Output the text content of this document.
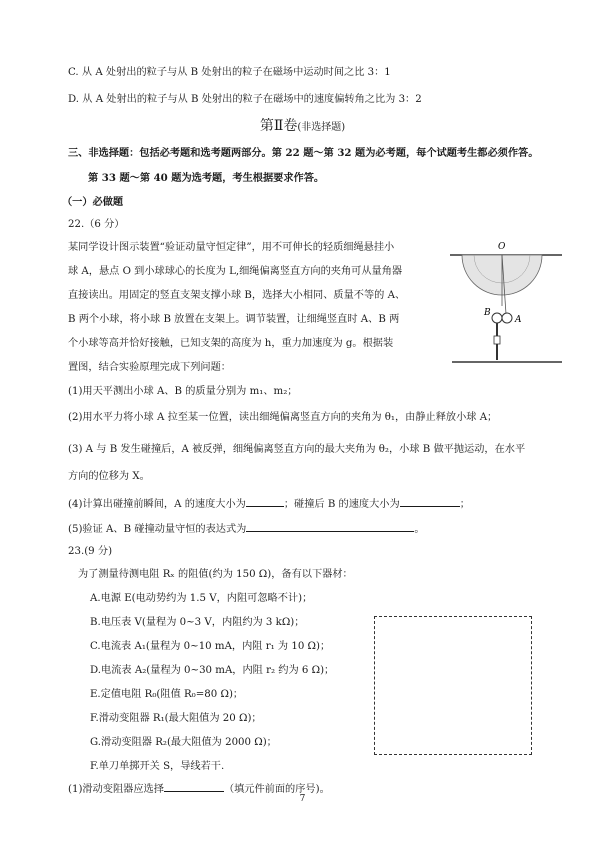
C. 从 A 处射出的粒子与从 B 处射出的粒子在磁场中运动时间之比 3：1
D. 从 A 处射出的粒子与从 B 处射出的粒子在磁场中的速度偏转角之比为 3：2
第Ⅱ卷(非选择题)
三、非选择题：包括必考题和选考题两部分。第 22 题～第 32 题为必考题，每个试题考生都必须作答。
第 33 题～第 40 题为选考题，考生根据要求作答。
（一）必做题
22.（6 分）
某同学设计图示装置“验证动量守恒定律”，用不可伸长的轻质细绳悬挂小
球 A，悬点 O 到小球球心的长度为 L,细绳偏离竖直方向的夹角可从量角器
直接读出。用固定的竖直支架支撑小球 B，选择大小相同、质量不等的 A、
B 两个小球，将小球 B 放置在支架上。调节装置，让细绳竖直时 A、B 两
个小球等高并恰好接触，已知支架的高度为 h，重力加速度为 g。根据装
置图，结合实验原理完成下列问题：
O
B
A
(1)用天平测出小球 A、B 的质量分别为 m₁、m₂；
(2)用水平力将小球 A 拉至某一位置，读出细绳偏离竖直方向的夹角为 θ₁，由静止释放小球 A；
(3) A 与 B 发生碰撞后，A 被反弹，细绳偏离竖直方向的最大夹角为 θ₂，小球 B 做平抛运动，在水平
方向的位移为 X。
(4)计算出碰撞前瞬间，A 的速度大小为	；碰撞后 B 的速度大小为	；
(5)验证 A、B 碰撞动量守恒的表达式为	。
23.(9 分)
为了测量待测电阻 Rₓ 的阻值(约为 150 Ω)，备有以下器材：
A.电源 E(电动势约为 1.5 V，内阻可忽略不计)；
B.电压表 V(量程为 0~3 V，内阻约为 3 kΩ)；
C.电流表 A₁(量程为 0~10 mA，内阻 r₁ 为 10 Ω)；
D.电流表 A₂(量程为 0~30 mA，内阻 r₂ 约为 6 Ω)；
E.定值电阻 R₀(阻值 R₀=80 Ω)；
F.滑动变阻器 R₁(最大阻值为 20 Ω)；
G.滑动变阻器 R₂(最大阻值为 2000 Ω)；
F.单刀单掷开关 S，导线若干.
(1)滑动变阻器应选择	（填元件前面的序号)。
7
